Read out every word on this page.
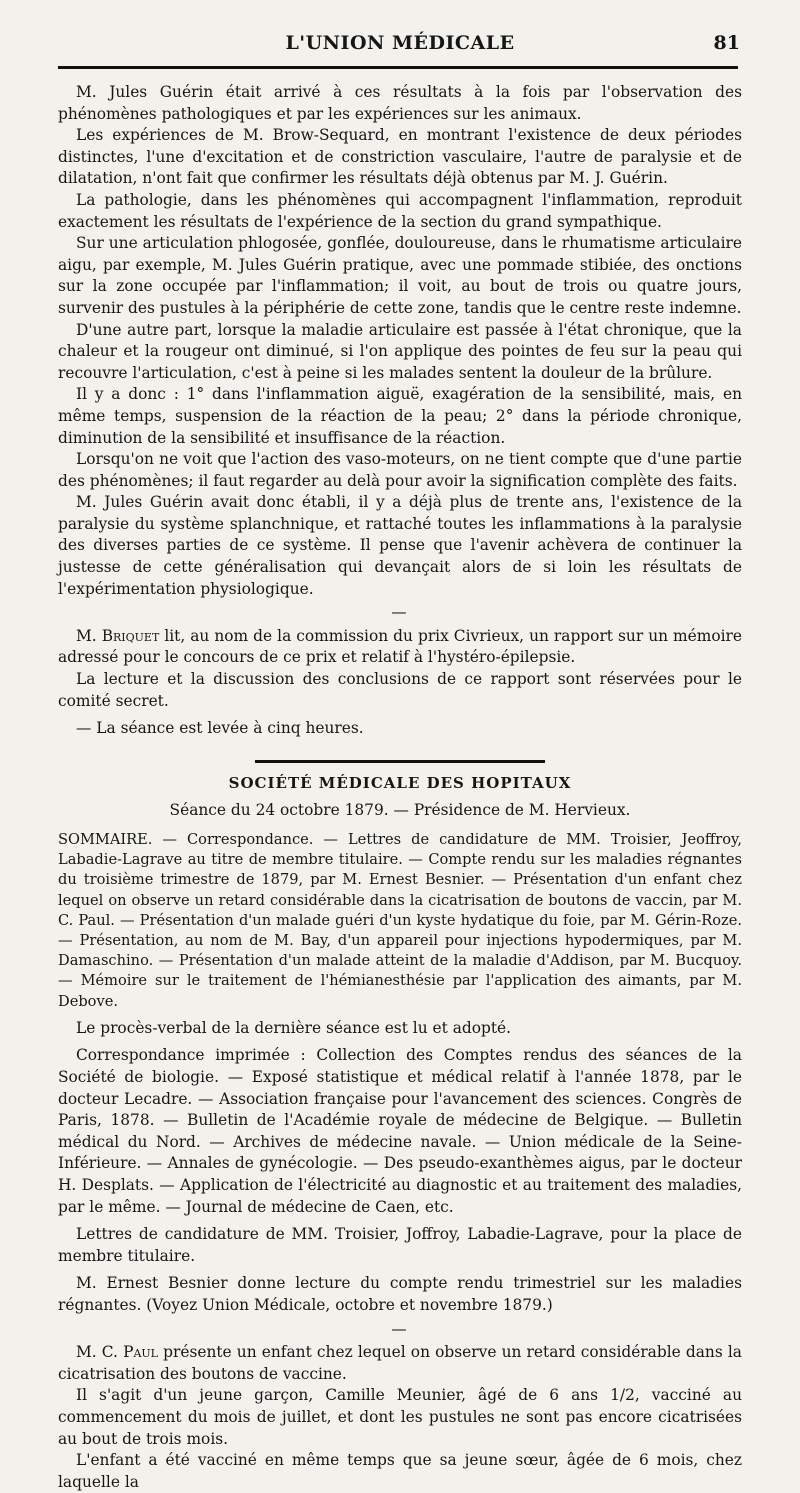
L'UNION MÉDICALE	81

M. Jules Guérin était arrivé à ces résultats à la fois par l'observation des phénomènes pathologiques et par les expériences sur les animaux.

Les expériences de M. Brow-Sequard, en montrant l'existence de deux périodes distinctes, l'une d'excitation et de constriction vasculaire, l'autre de paralysie et de dilatation, n'ont fait que confirmer les résultats déjà obtenus par M. J. Guérin.

La pathologie, dans les phénomènes qui accompagnent l'inflammation, reproduit exactement les résultats de l'expérience de la section du grand sympathique.

Sur une articulation phlogosée, gonflée, douloureuse, dans le rhumatisme articulaire aigu, par exemple, M. Jules Guérin pratique, avec une pommade stibiée, des onctions sur la zone occupée par l'inflammation; il voit, au bout de trois ou quatre jours, survenir des pustules à la périphérie de cette zone, tandis que le centre reste indemne.

D'une autre part, lorsque la maladie articulaire est passée à l'état chronique, que la chaleur et la rougeur ont diminué, si l'on applique des pointes de feu sur la peau qui recouvre l'articulation, c'est à peine si les malades sentent la douleur de la brûlure.

Il y a donc : 1° dans l'inflammation aiguë, exagération de la sensibilité, mais, en même temps, suspension de la réaction de la peau; 2° dans la période chronique, diminution de la sensibilité et insuffisance de la réaction.

Lorsqu'on ne voit que l'action des vaso-moteurs, on ne tient compte que d'une partie des phénomènes; il faut regarder au delà pour avoir la signification complète des faits.

M. Jules Guérin avait donc établi, il y a déjà plus de trente ans, l'existence de la paralysie du système splanchnique, et rattaché toutes les inflammations à la paralysie des diverses parties de ce système. Il pense que l'avenir achèvera de continuer la justesse de cette généralisation qui devançait alors de si loin les résultats de l'expérimentation physiologique.

—

M. Briquet lit, au nom de la commission du prix Civrieux, un rapport sur un mémoire adressé pour le concours de ce prix et relatif à l'hystéro-épilepsie.

La lecture et la discussion des conclusions de ce rapport sont réservées pour le comité secret.

— La séance est levée à cinq heures.

SOCIÉTÉ MÉDICALE DES HOPITAUX
Séance du 24 octobre 1879. — Présidence de M. Hervieux.
SOMMAIRE. — Correspondance. — Lettres de candidature de MM. Troisier, Jeoffroy, Labadie-Lagrave au titre de membre titulaire. — Compte rendu sur les maladies régnantes du troisième trimestre de 1879, par M. Ernest Besnier. — Présentation d'un enfant chez lequel on observe un retard considérable dans la cicatrisation de boutons de vaccin, par M. C. Paul. — Présentation d'un malade guéri d'un kyste hydatique du foie, par M. Gérin-Roze. — Présentation, au nom de M. Bay, d'un appareil pour injections hypodermiques, par M. Damaschino. — Présentation d'un malade atteint de la maladie d'Addison, par M. Bucquoy. — Mémoire sur le traitement de l'hémianesthésie par l'application des aimants, par M. Debove.

Le procès-verbal de la dernière séance est lu et adopté.

Correspondance imprimée : Collection des Comptes rendus des séances de la Société de biologie. — Exposé statistique et médical relatif à l'année 1878, par le docteur Lecadre. — Association française pour l'avancement des sciences. Congrès de Paris, 1878. — Bulletin de l'Académie royale de médecine de Belgique. — Bulletin médical du Nord. — Archives de médecine navale. — Union médicale de la Seine-Inférieure. — Annales de gynécologie. — Des pseudo-exanthèmes aigus, par le docteur H. Desplats. — Application de l'électricité au diagnostic et au traitement des maladies, par le même. — Journal de médecine de Caen, etc.

Lettres de candidature de MM. Troisier, Joffroy, Labadie-Lagrave, pour la place de membre titulaire.

M. Ernest Besnier donne lecture du compte rendu trimestriel sur les maladies régnantes. (Voyez Union Médicale, octobre et novembre 1879.)

—

M. C. Paul présente un enfant chez lequel on observe un retard considérable dans la cicatrisation des boutons de vaccine.

Il s'agit d'un jeune garçon, Camille Meunier, âgé de 6 ans 1/2, vacciné au commencement du mois de juillet, et dont les pustules ne sont pas encore cicatrisées au bout de trois mois.

L'enfant a été vacciné en même temps que sa jeune sœur, âgée de 6 mois, chez laquelle la
